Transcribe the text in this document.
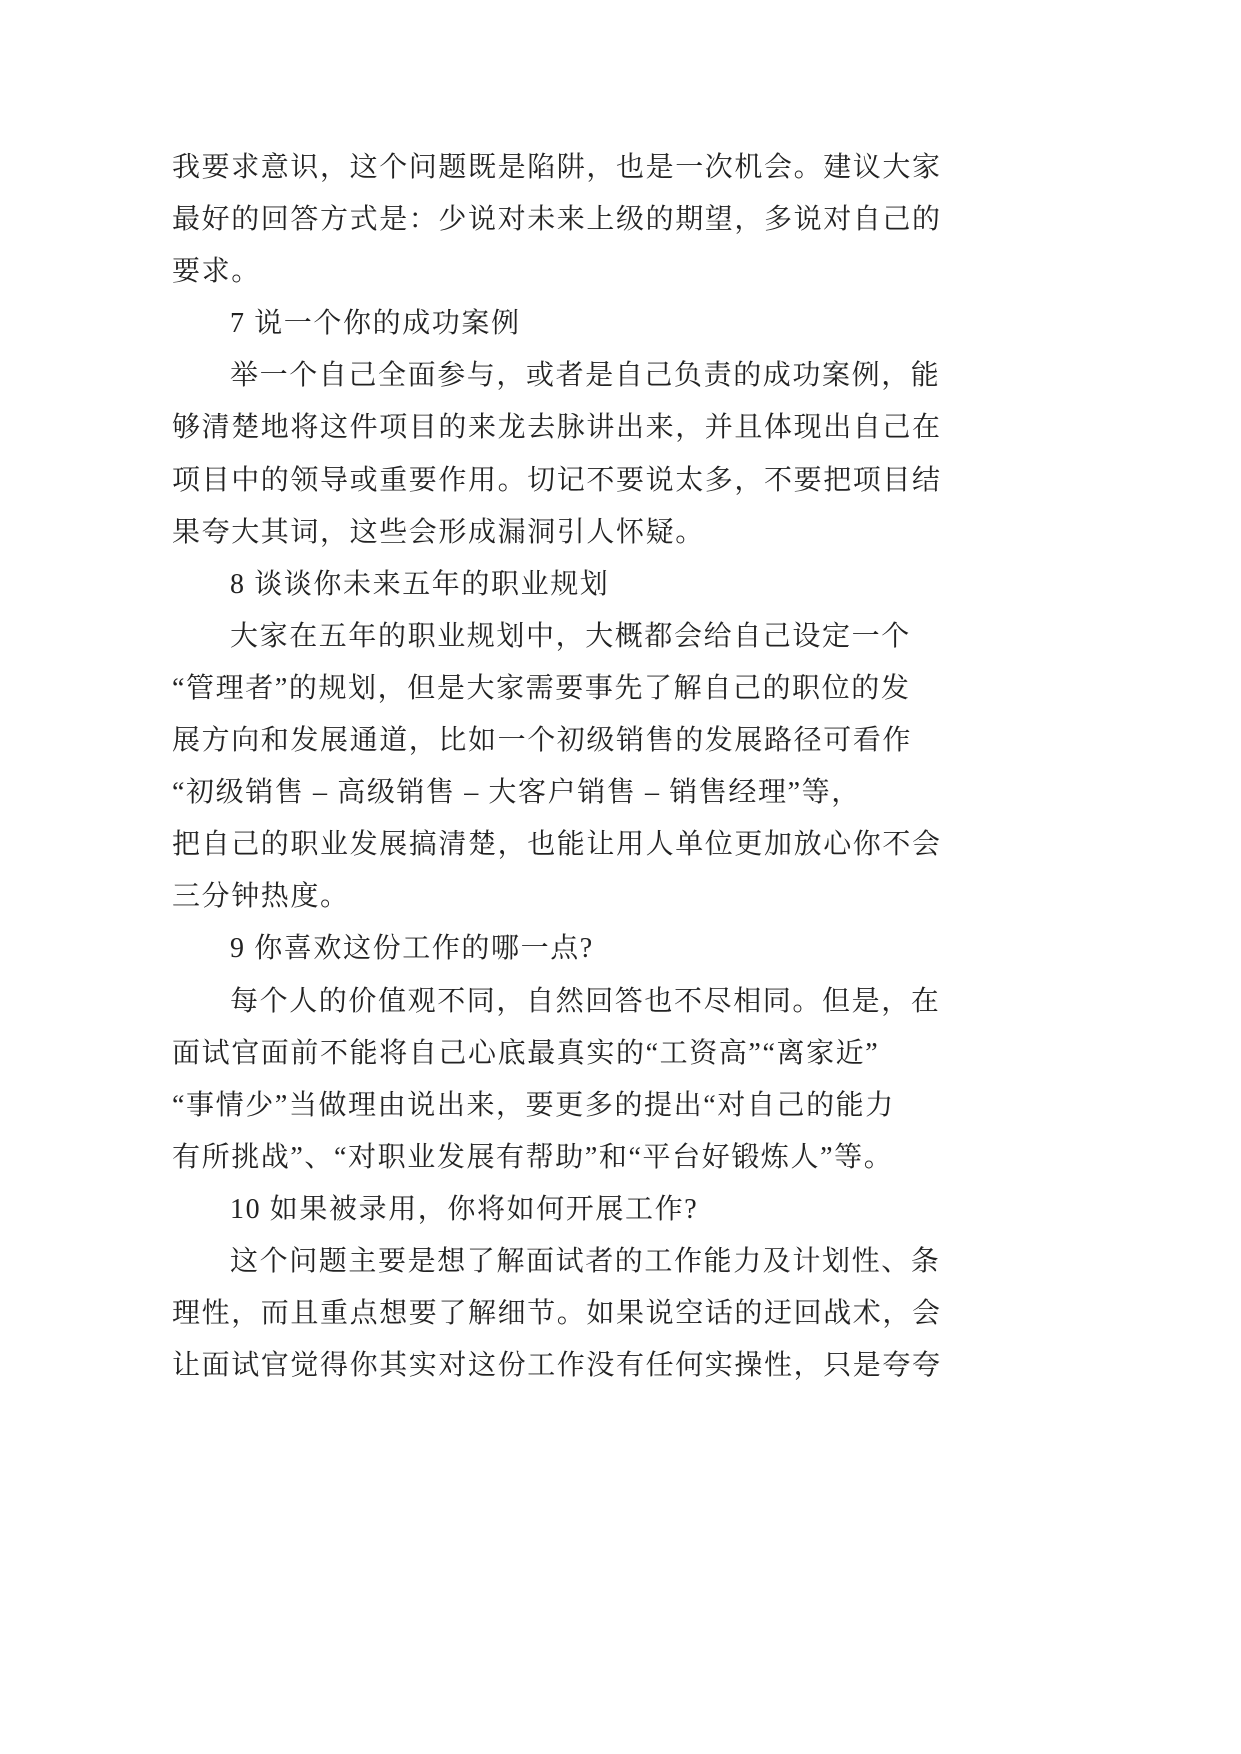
我要求意识，这个问题既是陷阱，也是一次机会。建议大家
最好的回答方式是：少说对未来上级的期望，多说对自己的
要求。
7 说一个你的成功案例
举一个自己全面参与，或者是自己负责的成功案例，能
够清楚地将这件项目的来龙去脉讲出来，并且体现出自己在
项目中的领导或重要作用。切记不要说太多，不要把项目结
果夸大其词，这些会形成漏洞引人怀疑。
8 谈谈你未来五年的职业规划
大家在五年的职业规划中，大概都会给自己设定一个
“管理者”的规划，但是大家需要事先了解自己的职位的发
展方向和发展通道，比如一个初级销售的发展路径可看作
“初级销售 – 高级销售 – 大客户销售 – 销售经理”等，
把自己的职业发展搞清楚，也能让用人单位更加放心你不会
三分钟热度。
9 你喜欢这份工作的哪一点?
每个人的价值观不同，自然回答也不尽相同。但是，在
面试官面前不能将自己心底最真实的“工资高”“离家近”
“事情少”当做理由说出来，要更多的提出“对自己的能力
有所挑战”、“对职业发展有帮助”和“平台好锻炼人”等。
10 如果被录用，你将如何开展工作?
这个问题主要是想了解面试者的工作能力及计划性、条
理性，而且重点想要了解细节。如果说空话的迂回战术，会
让面试官觉得你其实对这份工作没有任何实操性，只是夸夸
